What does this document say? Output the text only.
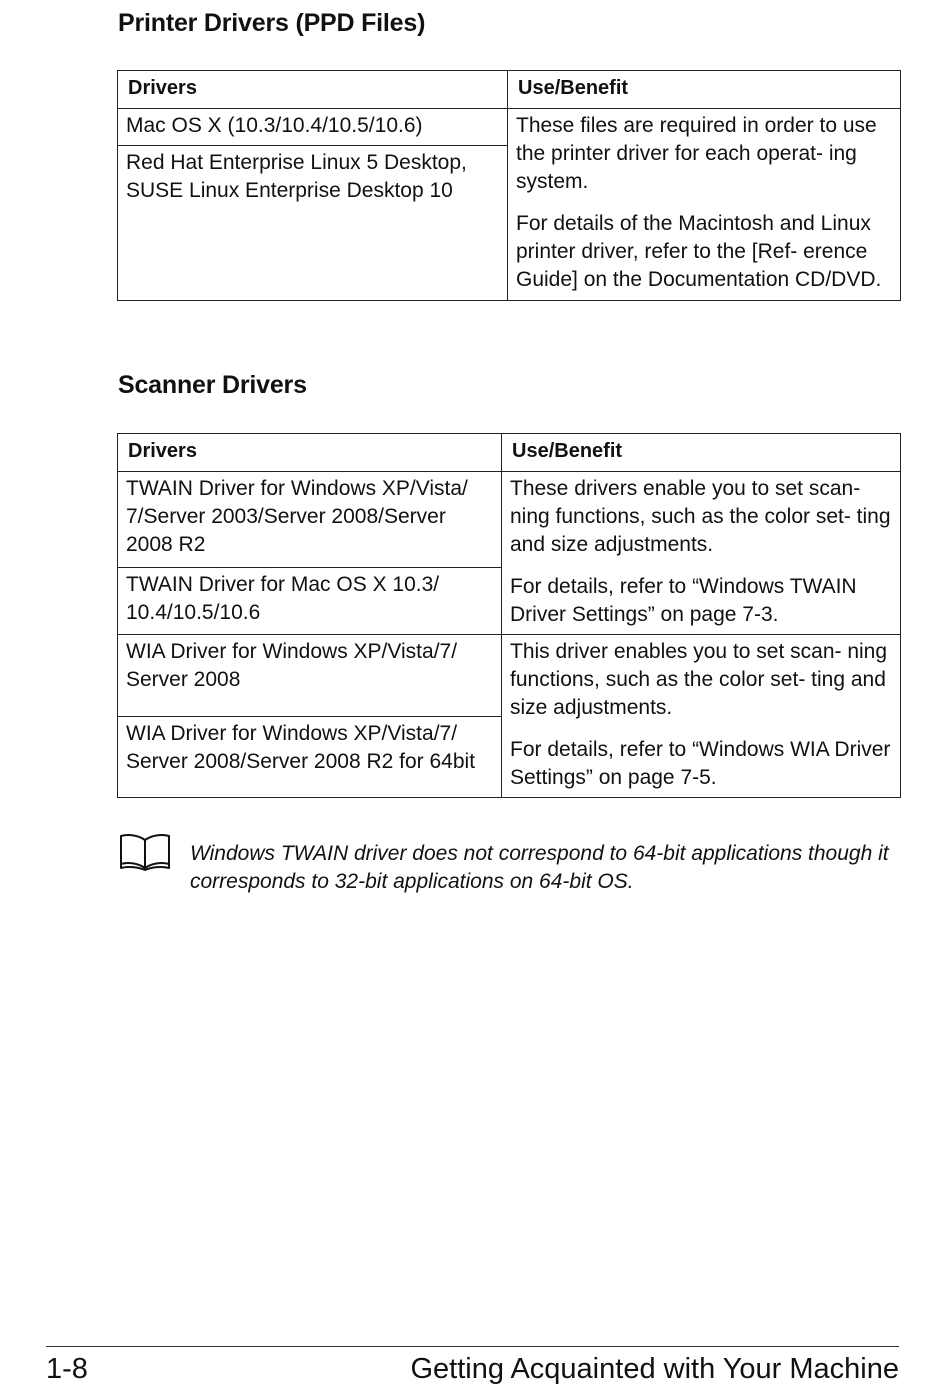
Printer Drivers (PPD Files)
Drivers	Use/Benefit
Mac OS X (10.3/10.4/10.5/10.6)	These files are required in order to use the printer driver for each operat- ing system.
For details of the Macintosh and Linux printer driver, refer to the [Ref- erence Guide] on the Documentation CD/DVD.

Red Hat Enterprise Linux 5 Desktop, SUSE Linux Enterprise Desktop 10	
Scanner Drivers
Drivers	Use/Benefit
TWAIN Driver for Windows XP/Vista/ 7/Server 2003/Server 2008/Server 2008 R2	These drivers enable you to set scan- ning functions, such as the color set- ting and size adjustments.
For details, refer to “Windows TWAIN Driver Settings” on page 7-3.

TWAIN Driver for Mac OS X 10.3/ 10.4/10.5/10.6	
WIA Driver for Windows XP/Vista/7/ Server 2008	This driver enables you to set scan- ning functions, such as the color set- ting and size adjustments.
For details, refer to “Windows WIA Driver Settings” on page 7-5.

WIA Driver for Windows XP/Vista/7/ Server 2008/Server 2008 R2 for 64bit	

Windows TWAIN driver does not correspond to 64-bit applications though it corresponds to 32-bit applications on 64-bit OS.

1-8	Getting Acquainted with Your Machine
